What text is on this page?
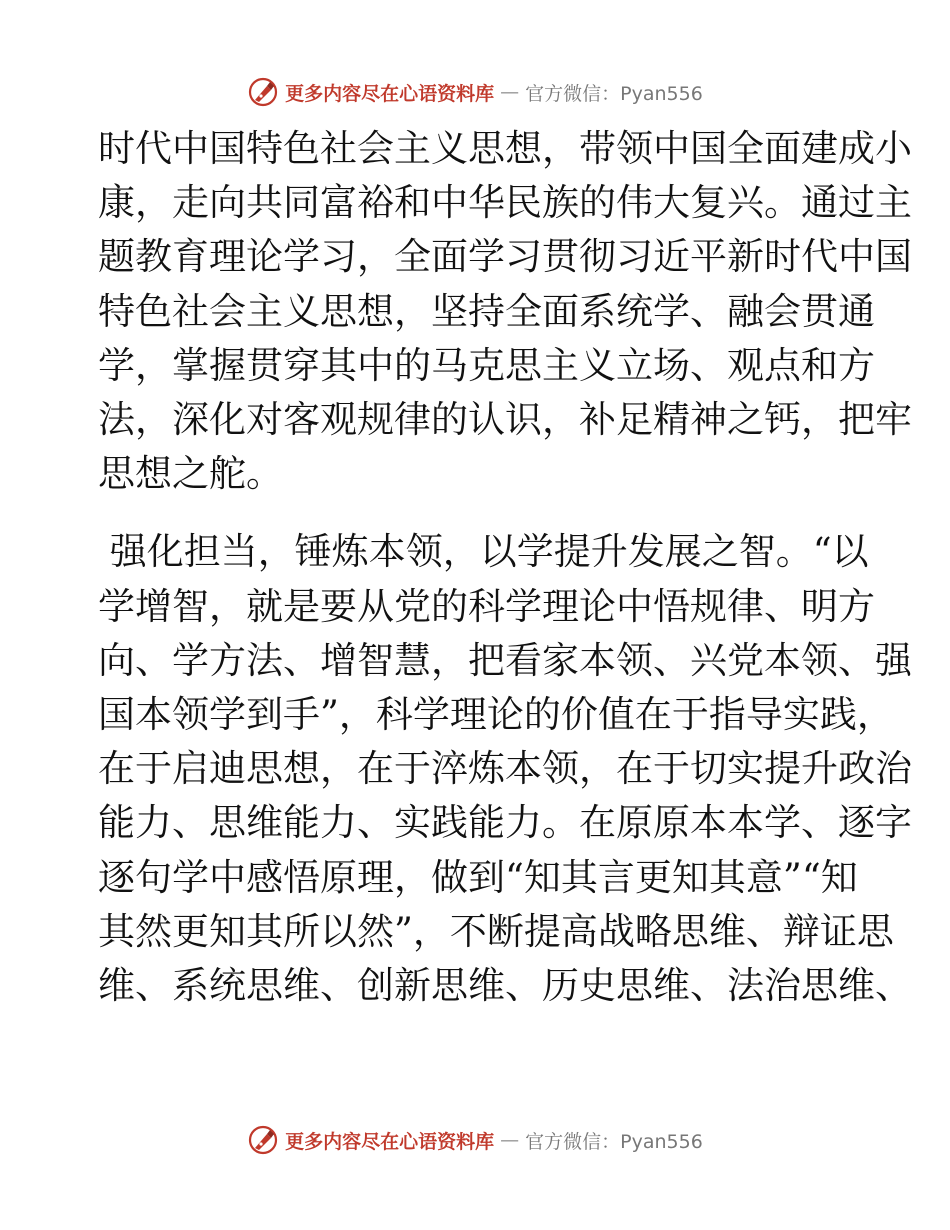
更多内容尽在心语资料库 — 官方微信：Pyan556

时代中国特色社会主义思想，带领中国全面建成小
康，走向共同富裕和中华民族的伟大复兴。通过主
题教育理论学习，全面学习贯彻习近平新时代中国
特色社会主义思想，坚持全面系统学、融会贯通
学，掌握贯穿其中的马克思主义立场、观点和方
法，深化对客观规律的认识，补足精神之钙，把牢
思想之舵。

强化担当，锤炼本领，以学提升发展之智。“以
学增智，就是要从党的科学理论中悟规律、明方
向、学方法、增智慧，把看家本领、兴党本领、强
国本领学到手”，科学理论的价值在于指导实践，
在于启迪思想，在于淬炼本领，在于切实提升政治
能力、思维能力、实践能力。在原原本本学、逐字
逐句学中感悟原理，做到“知其言更知其意”“知
其然更知其所以然”，不断提高战略思维、辩证思
维、系统思维、创新思维、历史思维、法治思维、

更多内容尽在心语资料库 — 官方微信：Pyan556
